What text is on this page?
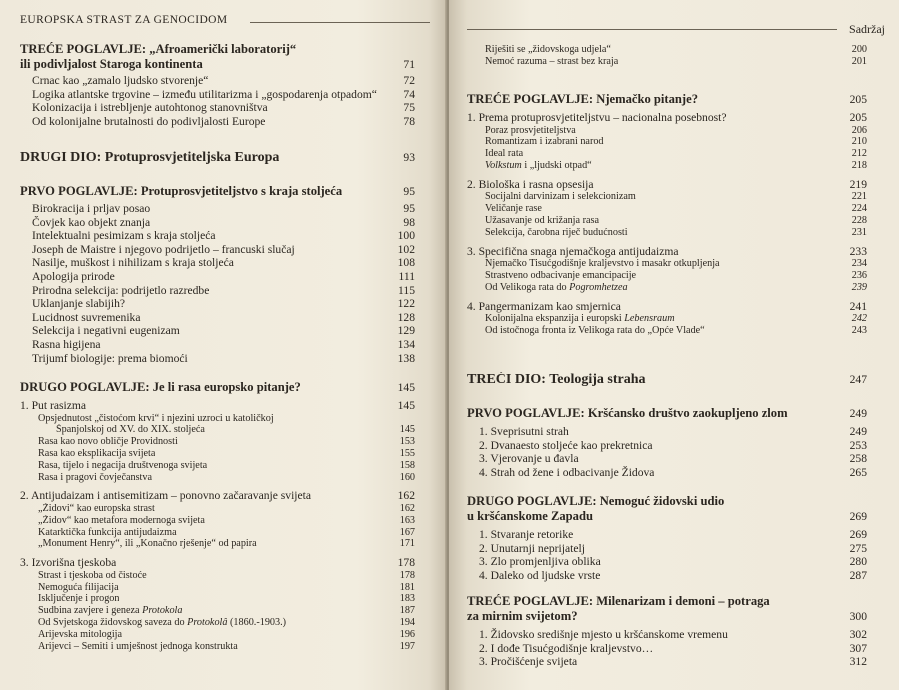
EUROPSKA STRAST ZA GENOCIDOM
TREĆE POGLAVLJE: „Afroamerički laboratorij“
ili podivljalost Staroga kontinenta	71
Crnac kao „zamalo ljudsko stvorenje“	72
Logika atlantske trgovine – između utilitarizma i „gospodarenja otpadom“	74
Kolonizacija i istrebljenje autohtonog stanovništva	75
Od kolonijalne brutalnosti do podivljalosti Europe	78
DRUGI DIO: Protuprosvjetiteljska Europa	93
PRVO POGLAVLJE: Protuprosvjetiteljstvo s kraja stoljeća	95
Birokracija i prljav posao	95
Čovjek kao objekt znanja	98
Intelektualni pesimizam s kraja stoljeća	100
Joseph de Maistre i njegovo podrijetlo – francuski slučaj	102
Nasilje, muškost i nihilizam s kraja stoljeća	108
Apologija prirode	111
Prirodna selekcija: podrijetlo razredbe	115
Uklanjanje slabijih?	122
Lucidnost suvremenika	128
Selekcija i negativni eugenizam	129
Rasna higijena	134
Trijumf biologije: prema biomoći	138
DRUGO POGLAVLJE: Je li rasa europsko pitanje?	145
1. Put rasizma	145
Opsjednutost „čistoćom krvi“ i njezini uzroci u katoličkoj
Španjolskoj od XV. do XIX. stoljeća	145
Rasa kao novo obličje Providnosti	153
Rasa kao eksplikacija svijeta	155
Rasa, tijelo i negacija društvenoga svijeta	158
Rasa i pragovi čovječanstva	160
2. Antijudaizam i antisemitizam – ponovno začaravanje svijeta	162
„Židovi“ kao europska strast	162
„Židov“ kao metafora modernoga svijeta	163
Katarktička funkcija antijudaizma	167
„Monument Henry“, ili „Konačno rješenje“ od papira	171
3. Izvorišna tjeskoba	178
Strast i tjeskoba od čistoće	178
Nemoguća filijacija	181
Isključenje i progon	183
Sudbina zavjere i geneza Protokola	187
Od Svjetskoga židovskog saveza do Protokolâ (1860.-1903.)	194
Arijevska mitologija	196
Arijevci – Semiti i umješnost jednoga konstrukta	197
Sadržaj
Riješiti se „židovskoga udjela“	200
Nemoć razuma – strast bez kraja	201
TREĆE POGLAVLJE: Njemačko pitanje?	205
1. Prema protuprosvjetiteljstvu – nacionalna posebnost?	205
Poraz prosvjetiteljstva	206
Romantizam i izabrani narod	210
Ideal rata	212
Volkstum i „ljudski otpad“	218
2. Biološka i rasna opsesija	219
Socijalni darvinizam i selekcionizam	221
Veličanje rase	224
Užasavanje od križanja rasa	228
Selekcija, čarobna riječ budućnosti	231
3. Specifična snaga njemačkoga antijudaizma	233
Njemačko Tisućgodišnje kraljevstvo i masakr otkupljenja	234
Strastveno odbacivanje emancipacije	236
Od Velikoga rata do Pogromhetzea	239
4. Pangermanizam kao smjernica	241
Kolonijalna ekspanzija i europski Lebensraum	242
Od istočnoga fronta iz Velikoga rata do „Opće Vlade“	243
TREĆI DIO: Teologija straha	247
PRVO POGLAVLJE: Kršćansko društvo zaokupljeno zlom	249
1. Sveprisutni strah	249
2. Dvanaesto stoljeće kao prekretnica	253
3. Vjerovanje u đavla	258
4. Strah od žene i odbacivanje Židova	265
DRUGO POGLAVLJE: Nemoguć židovski udio
u kršćanskome Zapadu	269
1. Stvaranje retorike	269
2. Unutarnji neprijatelj	275
3. Zlo promjenljiva oblika	280
4. Daleko od ljudske vrste	287
TREĆE POGLAVLJE: Milenarizam i demoni – potraga
za mirnim svijetom?	300
1. Židovsko središnje mjesto u kršćanskome vremenu	302
2. I dođe Tisućgodišnje kraljevstvo…	307
3. Pročišćenje svijeta	312
